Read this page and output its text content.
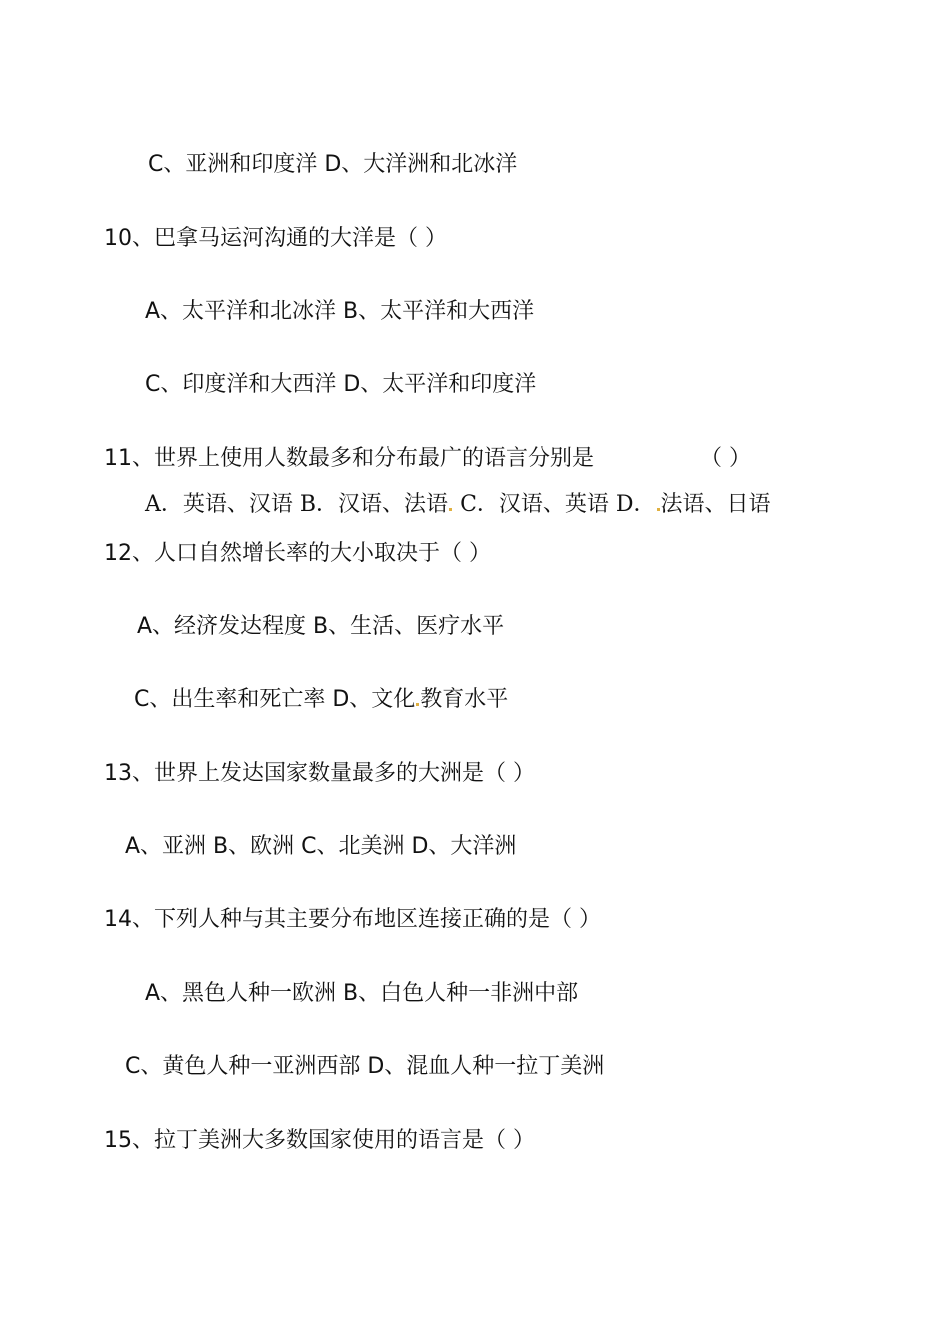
C、亚洲和印度洋 D、大洋洲和北冰洋
10、巴拿马运河沟通的大洋是（ ）
A、太平洋和北冰洋 B、太平洋和大西洋
C、印度洋和大西洋 D、太平洋和印度洋
11、世界上使用人数最多和分布最广的语言分别是	（ ）
A．英语、汉语 B．汉语、法语 C．汉语、英语 D． 法语、日语
12、人口自然增长率的大小取决于（ ）
A、经济发达程度 B、生活、医疗水平
C、出生率和死亡率 D、文化 教育水平
13、世界上发达国家数量最多的大洲是（ ）
A、亚洲 B、欧洲 C、北美洲 D、大洋洲
14、下列人种与其主要分布地区连接正确的是（ ）
A、黑色人种一欧洲 B、白色人种一非洲中部
C、黄色人种一亚洲西部 D、混血人种一拉丁美洲
15、拉丁美洲大多数国家使用的语言是（ ）
